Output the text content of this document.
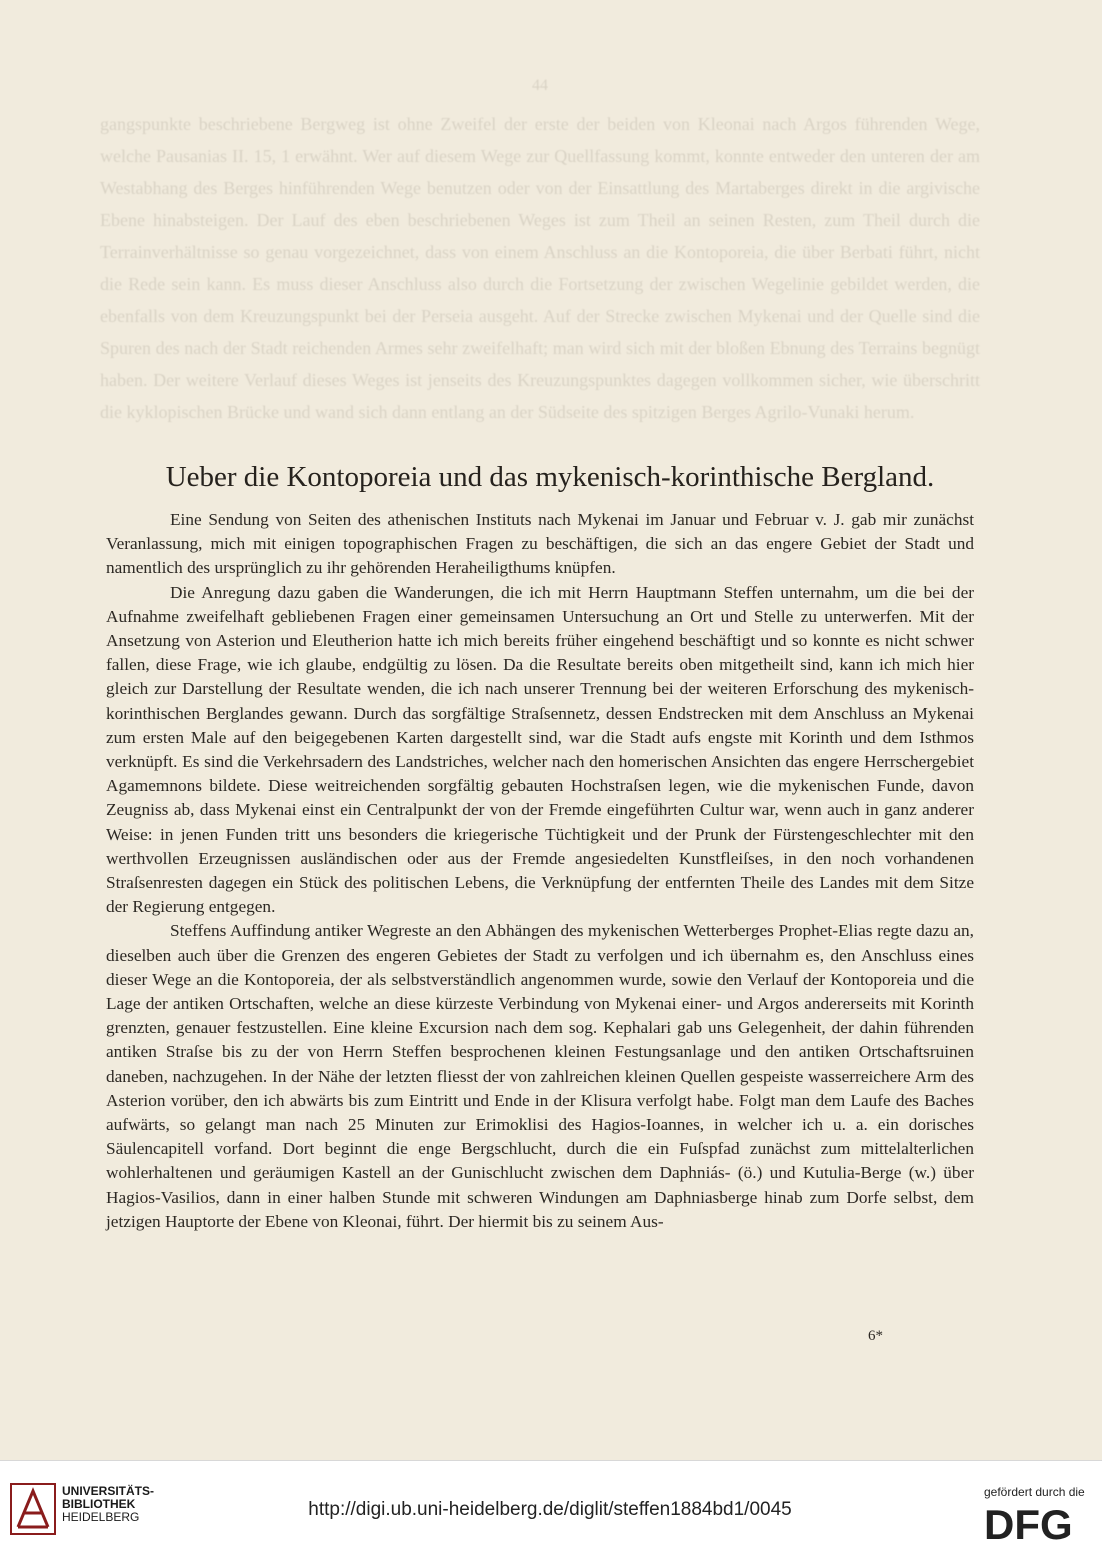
44
gangspunkte beschriebene Bergweg ist ohne Zweifel der erste der beiden von Kleonai nach Argos führenden Wege, welche Pausanias II. 15, 1 erwähnt. Wer auf diesem Wege zur Quellfassung kommt, konnte entweder den unteren der am Westabhang des Berges hinführenden Wege benutzen oder von der Einsattlung des Martaberges direkt in die argivische Ebene hinabsteigen. Der Lauf des eben beschriebenen Weges ist zum Theil an seinen Resten, zum Theil durch die Terrainverhältnisse so genau vorgezeichnet, dass von einem Anschluss an die Kontoporeia, die über Berbati führt, nicht die Rede sein kann. Es muss dieser Anschluss also durch die Fortsetzung der zwischen Wegelinie gebildet werden, die ebenfalls von dem Kreuzungspunkt bei der Perseia ausgeht. Auf der Strecke zwischen Mykenai und der Quelle sind die Spuren des nach der Stadt reichenden Armes sehr zweifelhaft; man wird sich mit der bloßen Ebnung des Terrains begnügt haben. Der weitere Verlauf dieses Weges ist jenseits des Kreuzungspunktes dagegen vollkommen sicher, wie überschritt die kyklopischen Brücke und wand sich dann entlang an der Südseite des spitzigen Berges Agrilo-Vunaki herum.
Ueber die Kontoporeia und das mykenisch-korinthische Bergland.

Eine Sendung von Seiten des athenischen Instituts nach Mykenai im Januar und Februar v. J. gab mir zunächst Veranlassung, mich mit einigen topographischen Fragen zu beschäftigen, die sich an das engere Gebiet der Stadt und namentlich des ursprünglich zu ihr gehörenden Heraheiligthums knüpfen.

Die Anregung dazu gaben die Wanderungen, die ich mit Herrn Hauptmann Steffen unternahm, um die bei der Aufnahme zweifelhaft gebliebenen Fragen einer gemeinsamen Untersuchung an Ort und Stelle zu unterwerfen. Mit der Ansetzung von Asterion und Eleutherion hatte ich mich bereits früher eingehend beschäftigt und so konnte es nicht schwer fallen, diese Frage, wie ich glaube, endgültig zu lösen. Da die Resultate bereits oben mitgetheilt sind, kann ich mich hier gleich zur Darstellung der Resultate wenden, die ich nach unserer Trennung bei der weiteren Erforschung des mykenisch-korinthischen Berglandes gewann. Durch das sorgfältige Straſsennetz, dessen Endstrecken mit dem Anschluss an Mykenai zum ersten Male auf den beigegebenen Karten dargestellt sind, war die Stadt aufs engste mit Korinth und dem Isthmos verknüpft. Es sind die Verkehrsadern des Landstriches, welcher nach den homerischen Ansichten das engere Herrschergebiet Agamemnons bildete. Diese weitreichenden sorgfältig gebauten Hochstraſsen legen, wie die mykenischen Funde, davon Zeugniss ab, dass Mykenai einst ein Centralpunkt der von der Fremde eingeführten Cultur war, wenn auch in ganz anderer Weise: in jenen Funden tritt uns besonders die kriegerische Tüchtigkeit und der Prunk der Fürstengeschlechter mit den werthvollen Erzeugnissen ausländischen oder aus der Fremde angesiedelten Kunstfleiſses, in den noch vorhandenen Straſsenresten dagegen ein Stück des politischen Lebens, die Verknüpfung der entfernten Theile des Landes mit dem Sitze der Regierung entgegen.

Steffens Auffindung antiker Wegreste an den Abhängen des mykenischen Wetterberges Prophet-Elias regte dazu an, dieselben auch über die Grenzen des engeren Gebietes der Stadt zu verfolgen und ich übernahm es, den Anschluss eines dieser Wege an die Kontoporeia, der als selbstverständlich angenommen wurde, sowie den Verlauf der Kontoporeia und die Lage der antiken Ortschaften, welche an diese kürzeste Verbindung von Mykenai einer- und Argos andererseits mit Korinth grenzten, genauer festzustellen. Eine kleine Excursion nach dem sog. Kephalari gab uns Gelegenheit, der dahin führenden antiken Straſse bis zu der von Herrn Steffen besprochenen kleinen Festungsanlage und den antiken Ortschaftsruinen daneben, nachzugehen. In der Nähe der letzten fliesst der von zahlreichen kleinen Quellen gespeiste wasserreichere Arm des Asterion vorüber, den ich abwärts bis zum Eintritt und Ende in der Klisura verfolgt habe. Folgt man dem Laufe des Baches aufwärts, so gelangt man nach 25 Minuten zur Erimoklisi des Hagios-Ioannes, in welcher ich u. a. ein dorisches Säulencapitell vorfand. Dort beginnt die enge Bergschlucht, durch die ein Fuſspfad zunächst zum mittelalterlichen wohlerhaltenen und geräumigen Kastell an der Gunischlucht zwischen dem Daphniás- (ö.) und Kutulia-Berge (w.) über Hagios-Vasilios, dann in einer halben Stunde mit schweren Windungen am Daphniasberge hinab zum Dorfe selbst, dem jetzigen Hauptorte der Ebene von Kleonai, führt. Der hiermit bis zu seinem Aus-

6*
UNIVERSITÄTS-
BIBLIOTHEK
HEIDELBERG	http://digi.ub.uni-heidelberg.de/diglit/steffen1884bd1/0045
gefördert durch die
DFG
